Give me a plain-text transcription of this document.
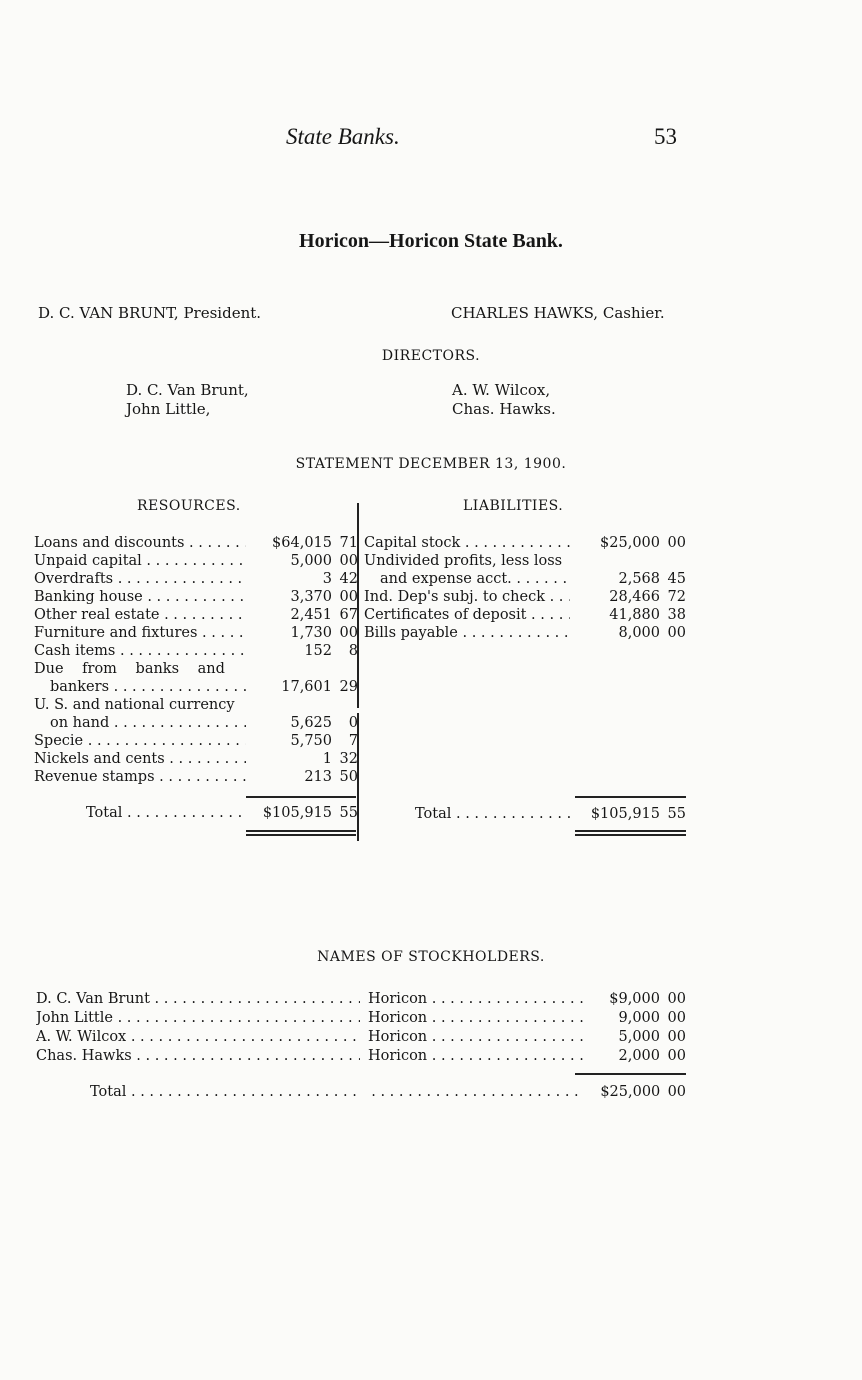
State Banks.	53
Horicon—Horicon State Bank.
D. C. VAN BRUNT, President.	CHARLES HAWKS, Cashier.
DIRECTORS.
D. C. Van Brunt,
John Little,
A. W. Wilcox,
Chas. Hawks.
STATEMENT DECEMBER 13, 1900.
RESOURCES.	LIABILITIES.
Loans and discounts . . .	$64,015 71
Unpaid capital . . .	5,000 00
Overdrafts . . .	3 42
Banking house . . .	3,370 00
Other real estate . . .	2,451 67
Furniture and fixtures . . .	1,730 00
Cash items . . .	152	8
Due from banks and
bankers . . .	17,601 29
U. S. and national currency
on hand . . .	5,625	0
Specie . . .	5,750	7
Nickels and cents . . .	1 32
Revenue stamps . . .	213 50
Total . . .	$105,915 55
Capital stock . . .	$25,000 00
Undivided profits, less loss
and expense acct. . . .	2,568 45
Ind. Dep's subj. to check . . .	28,466 72
Certificates of deposit . . .	41,880 38
Bills payable . . .	8,000 00
Total . . .	$105,915 55
NAMES OF STOCKHOLDERS.
D. C. Van Brunt . . .	Horicon . . .	$9,000 00
John Little . . .	Horicon . . .	9,000 00
A. W. Wilcox . . .	Horicon . . .	5,000 00
Chas. Hawks . . .	Horicon . . .	2,000 00
Total . . .
. . .	$25,000 00
